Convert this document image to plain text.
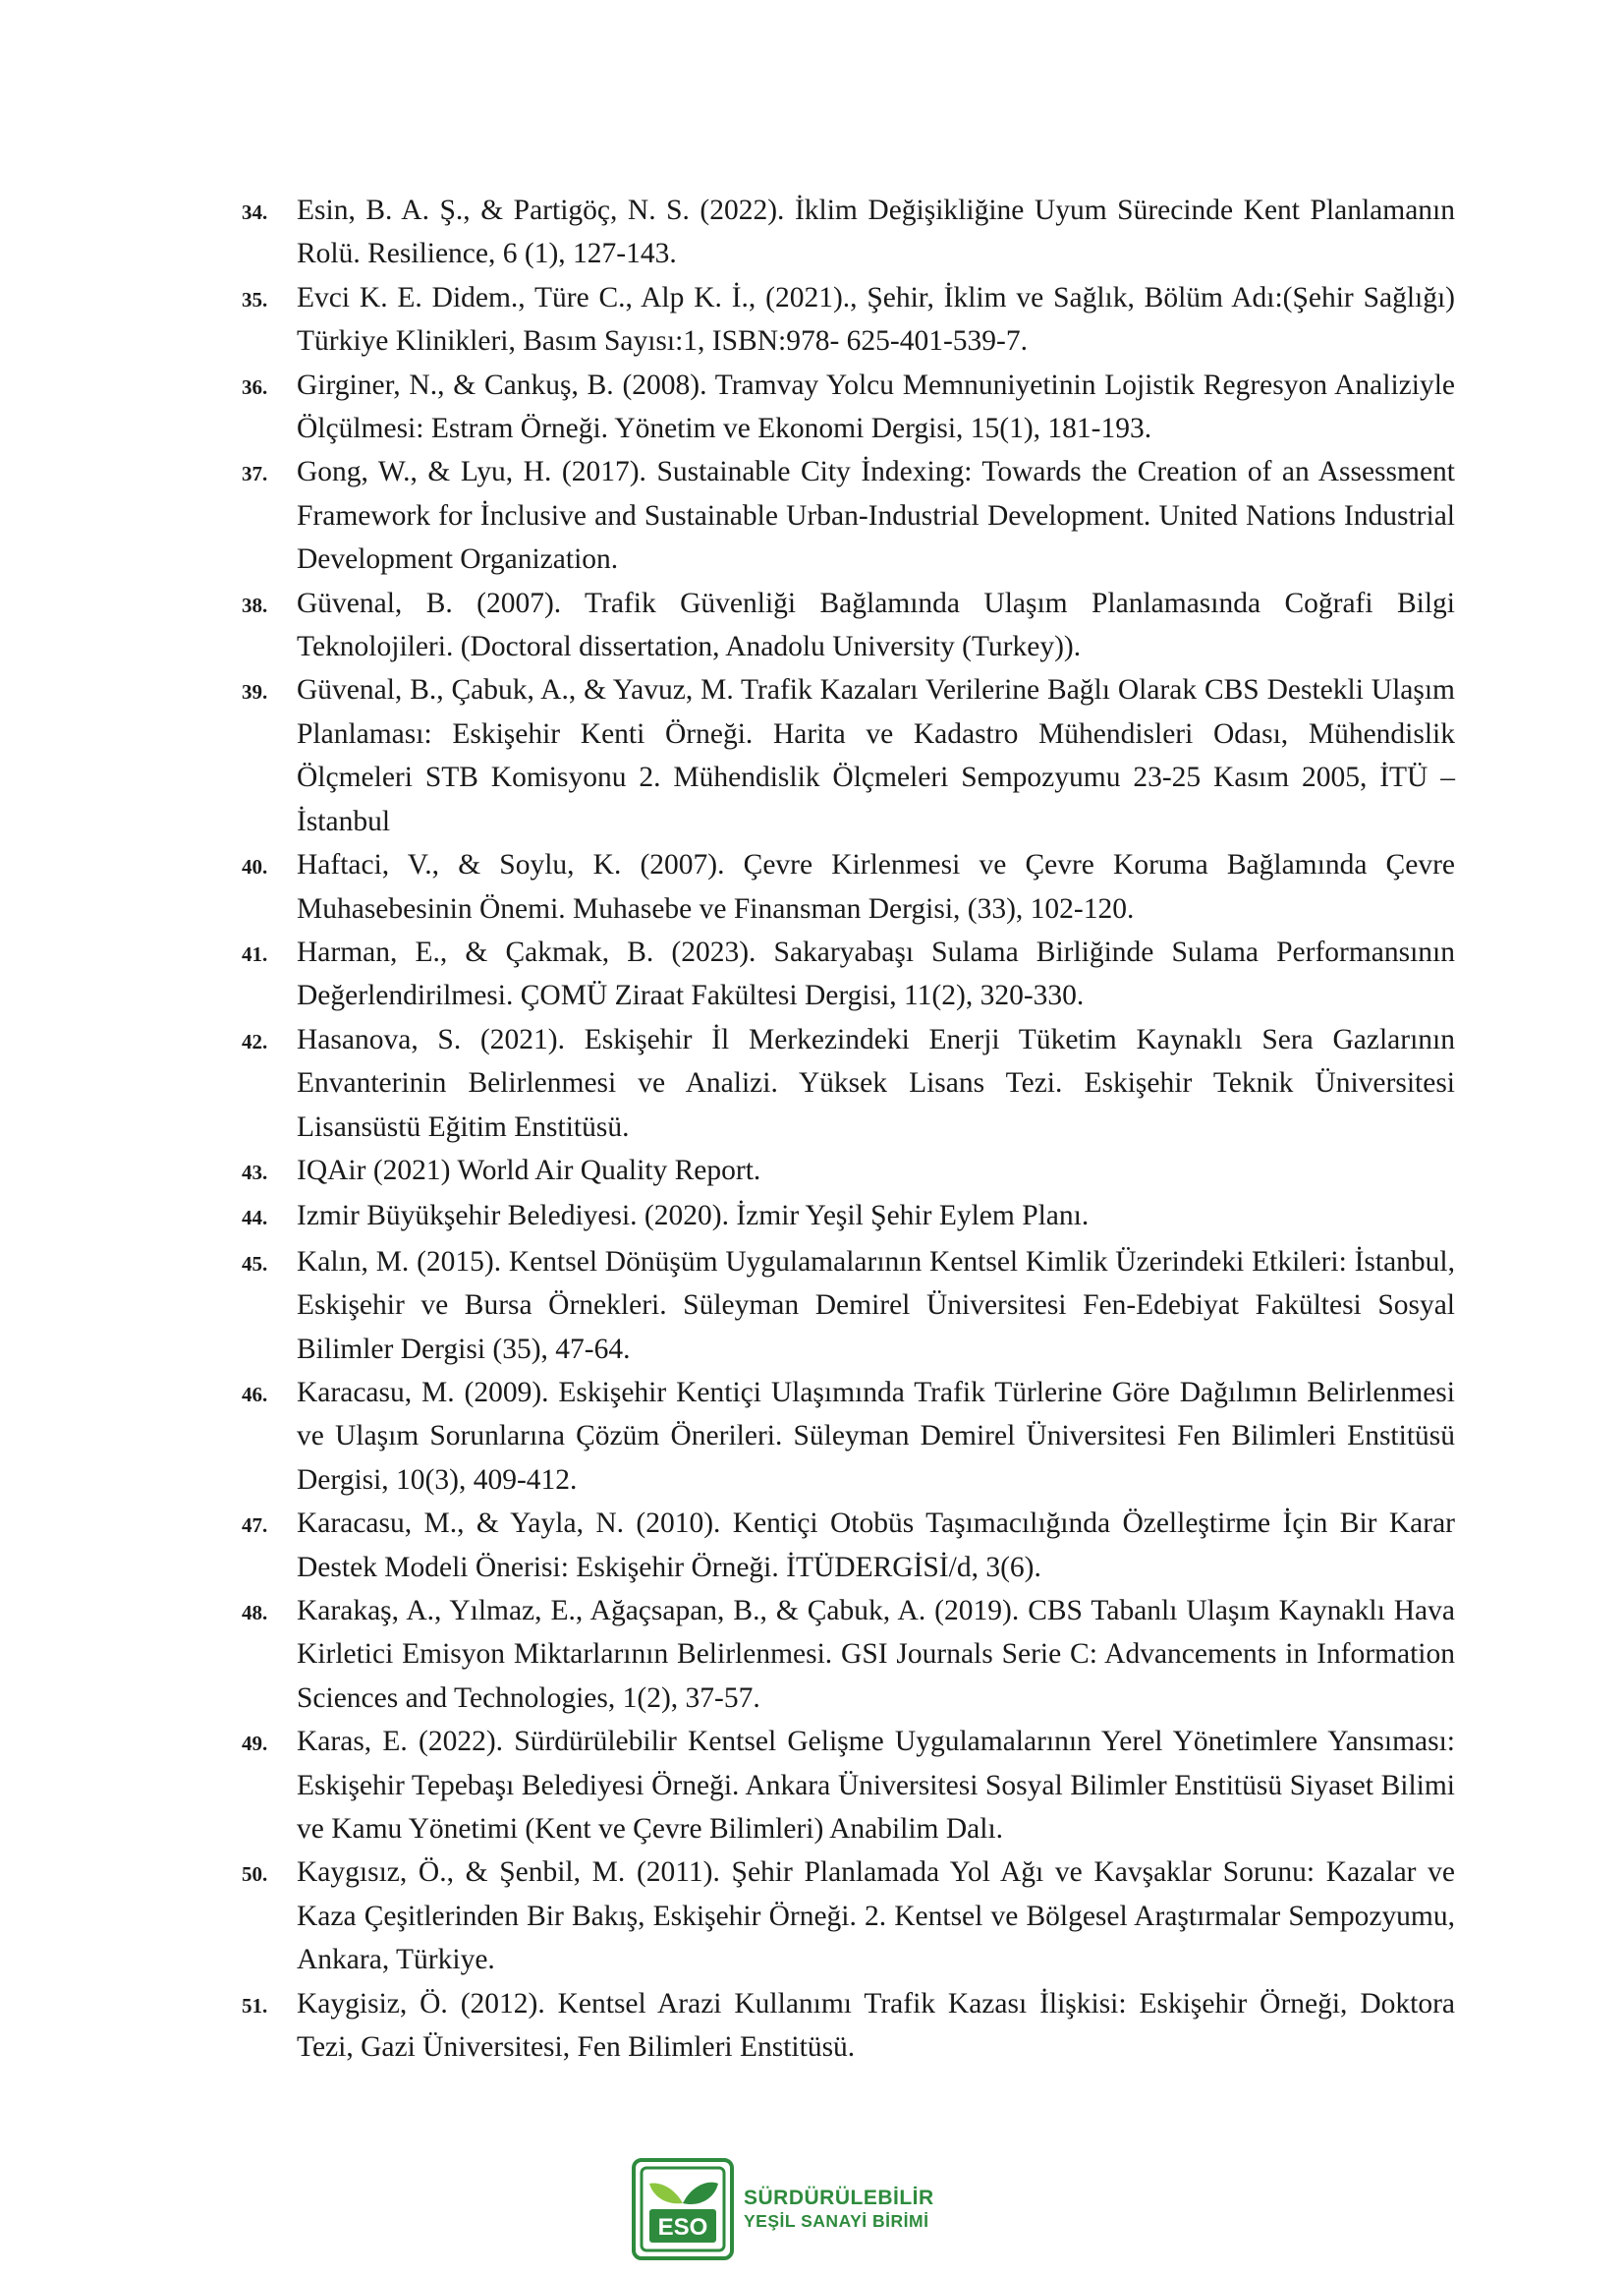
34.	Esin, B. A. Ş., & Partigöç, N. S. (2022). İklim Değişikliğine Uyum Sürecinde Kent Planlamanın Rolü. Resilience, 6 (1), 127-143.
35.	Evci K. E. Didem., Türe C., Alp K. İ., (2021)., Şehir, İklim ve Sağlık, Bölüm Adı:(Şehir Sağlığı) Türkiye Klinikleri, Basım Sayısı:1, ISBN:978- 625-401-539-7.
36.	Girginer, N., & Cankuş, B. (2008). Tramvay Yolcu Memnuniyetinin Lojistik Regresyon Analiziyle Ölçülmesi: Estram Örneği. Yönetim ve Ekonomi Dergisi, 15(1), 181-193.
37.	Gong, W., & Lyu, H. (2017). Sustainable City İndexing: Towards the Creation of an Assessment Framework for İnclusive and Sustainable Urban-Industrial Development. United Nations Industrial Development Organization.
38.	Güvenal, B. (2007). Trafik Güvenliği Bağlamında Ulaşım Planlamasında Coğrafi Bilgi Teknolojileri. (Doctoral dissertation, Anadolu University (Turkey)).
39.	Güvenal, B., Çabuk, A., & Yavuz, M. Trafik Kazaları Verilerine Bağlı Olarak CBS Destekli Ulaşım Planlaması: Eskişehir Kenti Örneği. Harita ve Kadastro Mühendisleri Odası, Mühendislik Ölçmeleri STB Komisyonu 2. Mühendislik Ölçmeleri Sempozyumu 23-25 Kasım 2005, İTÜ – İstanbul
40.	Haftaci, V., & Soylu, K. (2007). Çevre Kirlenmesi ve Çevre Koruma Bağlamında Çevre Muhasebesinin Önemi. Muhasebe ve Finansman Dergisi, (33), 102-120.
41.	Harman, E., & Çakmak, B. (2023). Sakaryabaşı Sulama Birliğinde Sulama Performansının Değerlendirilmesi. ÇOMÜ Ziraat Fakültesi Dergisi, 11(2), 320-330.
42.	Hasanova, S. (2021). Eskişehir İl Merkezindeki Enerji Tüketim Kaynaklı Sera Gazlarının Envanterinin Belirlenmesi ve Analizi. Yüksek Lisans Tezi. Eskişehir Teknik Üniversitesi Lisansüstü Eğitim Enstitüsü.
43.	IQAir (2021) World Air Quality Report.
44.	Izmir Büyükşehir Belediyesi. (2020). İzmir Yeşil Şehir Eylem Planı.
45.	Kalın, M. (2015). Kentsel Dönüşüm Uygulamalarının Kentsel Kimlik Üzerindeki Etkileri: İstanbul, Eskişehir ve Bursa Örnekleri. Süleyman Demirel Üniversitesi Fen-Edebiyat Fakültesi Sosyal Bilimler Dergisi (35), 47-64.
46.	Karacasu, M. (2009). Eskişehir Kentiçi Ulaşımında Trafik Türlerine Göre Dağılımın Belirlenmesi ve Ulaşım Sorunlarına Çözüm Önerileri. Süleyman Demirel Üniversitesi Fen Bilimleri Enstitüsü Dergisi, 10(3), 409-412.
47.	Karacasu, M., & Yayla, N. (2010). Kentiçi Otobüs Taşımacılığında Özelleştirme İçin Bir Karar Destek Modeli Önerisi: Eskişehir Örneği. İTÜDERGİSİ/d, 3(6).
48.	Karakaş, A., Yılmaz, E., Ağaçsapan, B., & Çabuk, A. (2019). CBS Tabanlı Ulaşım Kaynaklı Hava Kirletici Emisyon Miktarlarının Belirlenmesi. GSI Journals Serie C: Advancements in Information Sciences and Technologies, 1(2), 37-57.
49.	Karas, E. (2022). Sürdürülebilir Kentsel Gelişme Uygulamalarının Yerel Yönetimlere Yansıması: Eskişehir Tepebaşı Belediyesi Örneği. Ankara Üniversitesi Sosyal Bilimler Enstitüsü Siyaset Bilimi ve Kamu Yönetimi (Kent ve Çevre Bilimleri) Anabilim Dalı.
50.	Kaygısız, Ö., & Şenbil, M. (2011). Şehir Planlamada Yol Ağı ve Kavşaklar Sorunu: Kazalar ve Kaza Çeşitlerinden Bir Bakış, Eskişehir Örneği. 2. Kentsel ve Bölgesel Araştırmalar Sempozyumu, Ankara, Türkiye.
51.	Kaygisiz, Ö. (2012). Kentsel Arazi Kullanımı Trafik Kazası İlişkisi: Eskişehir Örneği, Doktora Tezi, Gazi Üniversitesi, Fen Bilimleri Enstitüsü.
ESO
SÜRDÜRÜLEBİLİR
YEŞİL SANAYİ BİRİMİ
